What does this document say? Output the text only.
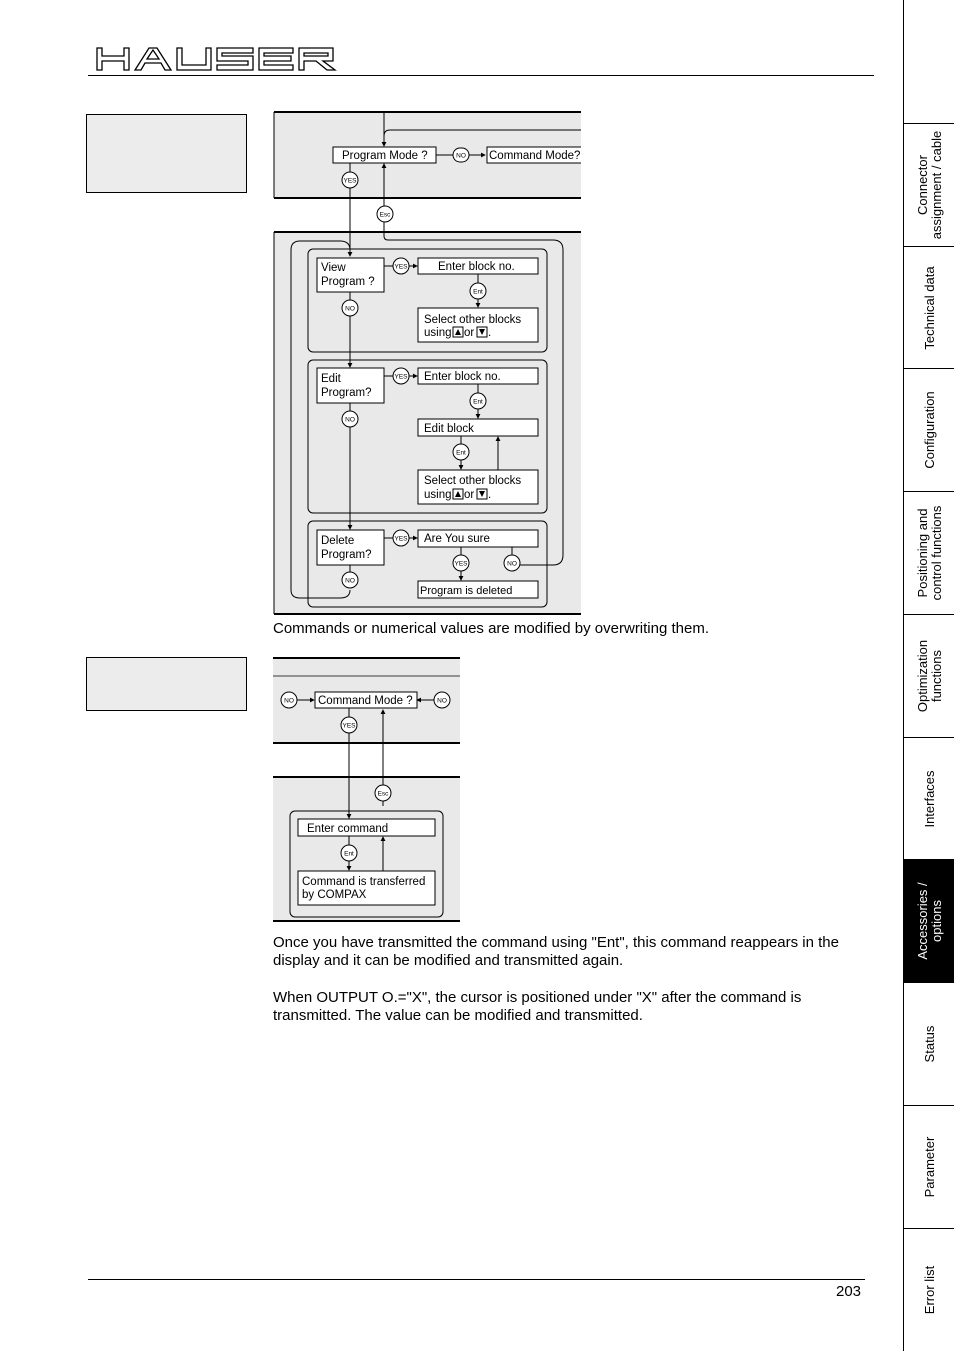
HAUSER
Program Mode ?	Command Mode?
View
Program ?
Enter block no.
Select other blocks
using or .
Edit
Program?
Enter block no.
Edit block
Select other blocks
using or .
Delete
Program?
Are You sure
Program is deleted
NO
YES
Esc
YES
Ent
NO
YES
Ent
NO
Ent
YES
YES	NO
NO
Commands or numerical values are modified by overwriting them.
Command Mode ?
Enter command
Command is transferred
by COMPAX
NO	NO
YES
Esc
Ent
Once you have transmitted the command using "Ent", this command reappears in the display and it can be modified and transmitted again.
When OUTPUT O.="X", the cursor is positioned under "X" after the command is transmitted. The value can be modified and transmitted.
203
Connector
assignment / cable
Technical data
Configuration
Positioning and
control functions
Optimization
functions
Interfaces
Accessories /
options
Status
Parameter
Error list
